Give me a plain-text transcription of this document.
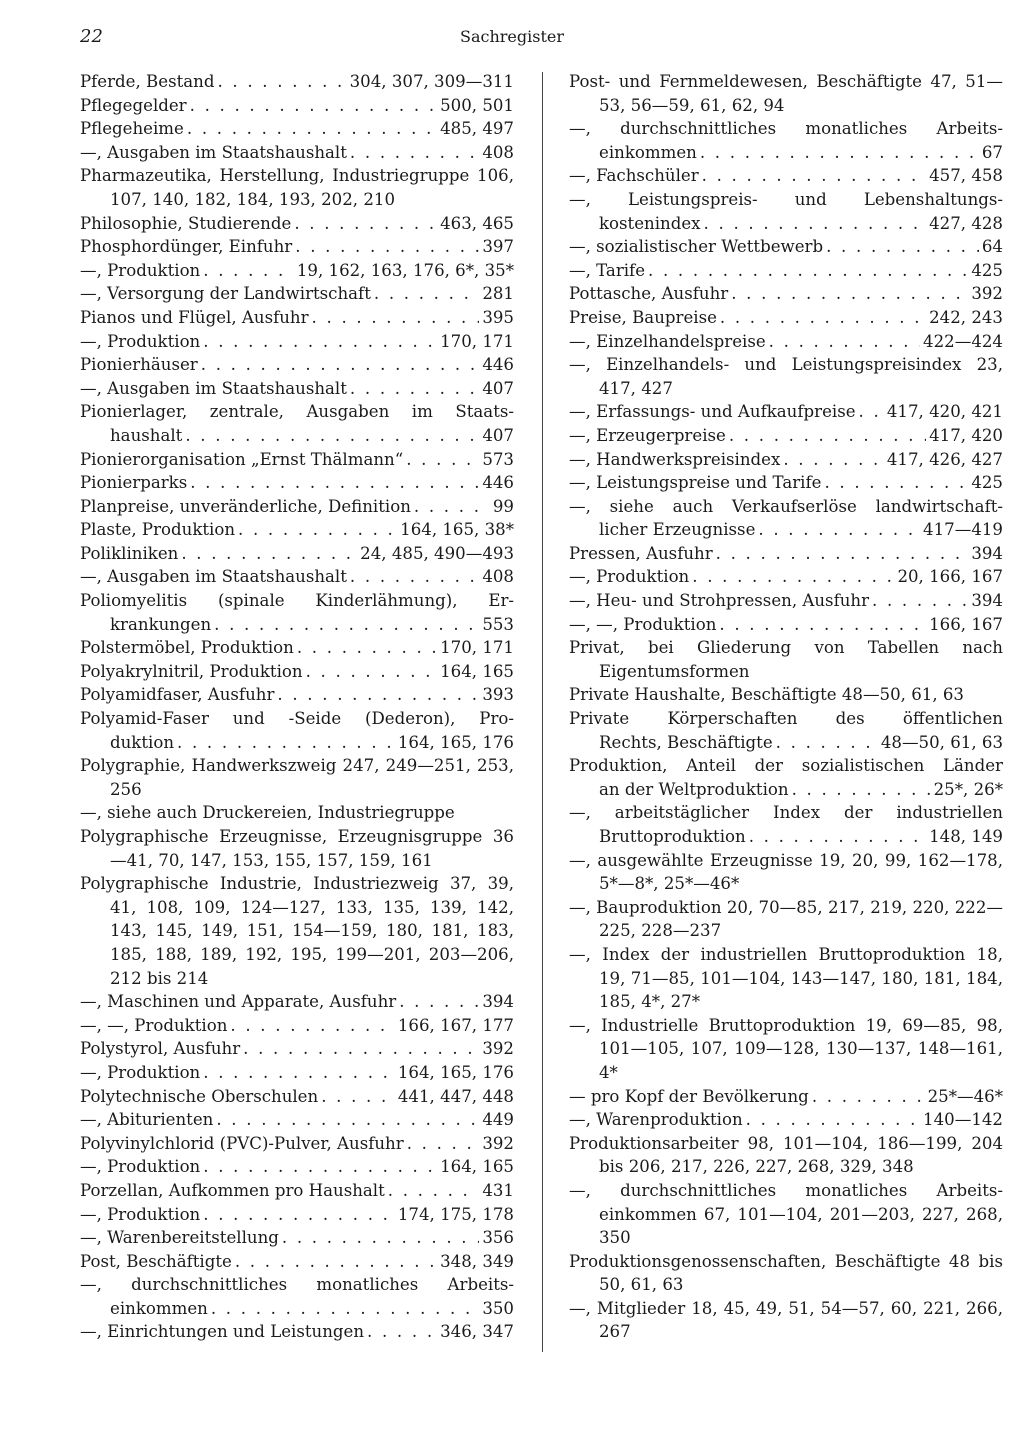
22	Sachregister
Pferde, Bestand . . .	304, 307, 309—311
Pflegegelder . . .	500, 501
Pflegeheime . . .	485, 497
—, Ausgaben im Staatshaushalt . . .	408
Pharmazeutika, Herstellung, Industriegruppe 106, 107, 140, 182, 184, 193, 202, 210
Philosophie, Studierende . . .	463, 465
Phosphordünger, Einfuhr . . .	397
—, Produktion . . .	19, 162, 163, 176, 6*, 35*
—, Versorgung der Landwirtschaft . . .	281
Pianos und Flügel, Ausfuhr . . .	395
—, Produktion . . .	170, 171
Pionierhäuser . . .	446
—, Ausgaben im Staatshaushalt . . .	407
Pionierlager, zentrale, Ausgaben im Staats-
haushalt . . .	407
Pionierorganisation „Ernst Thälmann“ . . .	573
Pionierparks . . .	446
Planpreise, unveränderliche, Definition . . .	99
Plaste, Produktion . . .	164, 165, 38*
Polikliniken . . .	24, 485, 490—493
—, Ausgaben im Staatshaushalt . . .	408
Poliomyelitis (spinale Kinderlähmung), Er-
krankungen . . .	553
Polstermöbel, Produktion . . .	170, 171
Polyakrylnitril, Produktion . . .	164, 165
Polyamidfaser, Ausfuhr . . .	393
Polyamid-Faser und -Seide (Dederon), Pro-
duktion . . .	164, 165, 176
Polygraphie, Handwerkszweig 247, 249—251, 253, 256
—, siehe auch Druckereien, Industriegruppe
Polygraphische Erzeugnisse, Erzeugnisgruppe 36—41, 70, 147, 153, 155, 157, 159, 161
Polygraphische Industrie, Industriezweig 37, 39, 41, 108, 109, 124—127, 133, 135, 139, 142, 143, 145, 149, 151, 154—159, 180, 181, 183, 185, 188, 189, 192, 195, 199—201, 203—206, 212 bis 214
—, Maschinen und Apparate, Ausfuhr . . .	394
—, —, Produktion . . .	166, 167, 177
Polystyrol, Ausfuhr . . .	392
—, Produktion . . .	164, 165, 176
Polytechnische Oberschulen . . .	441, 447, 448
—, Abiturienten . . .	449
Polyvinylchlorid (PVC)-Pulver, Ausfuhr . . .	392
—, Produktion . . .	164, 165
Porzellan, Aufkommen pro Haushalt . . .	431
—, Produktion . . .	174, 175, 178
—, Warenbereitstellung . . .	356
Post, Beschäftigte . . .	348, 349
—, durchschnittliches monatliches Arbeits-
einkommen . . .	350
—, Einrichtungen und Leistungen . . .	346, 347
Post- und Fernmeldewesen, Beschäftigte 47, 51—53, 56—59, 61, 62, 94
—, durchschnittliches monatliches Arbeits-
einkommen . . .	67
—, Fachschüler . . .	457, 458
—, Leistungspreis- und Lebenshaltungs-
kostenindex . . .	427, 428
—, sozialistischer Wettbewerb . . .	64
—, Tarife . . .	425
Pottasche, Ausfuhr . . .	392
Preise, Baupreise . . .	242, 243
—, Einzelhandelspreise . . .	422—424
—, Einzelhandels- und Leistungspreisindex 23, 417, 427
—, Erfassungs- und Aufkaufpreise . . . 417, 420, 421
—, Erzeugerpreise . . .	417, 420
—, Handwerkspreisindex . . .	417, 426, 427
—, Leistungspreise und Tarife . . .	425
—, siehe auch Verkaufserlöse landwirtschaft-
licher Erzeugnisse . . .	417—419
Pressen, Ausfuhr . . .	394
—, Produktion . . .	20, 166, 167
—, Heu- und Strohpressen, Ausfuhr . . .	394
—, —, Produktion . . .	166, 167
Privat, bei Gliederung von Tabellen nach Eigentumsformen
Private Haushalte, Beschäftigte 48—50, 61, 63
Private Körperschaften des öffentlichen
Rechts, Beschäftigte . . .	48—50, 61, 63
Produktion, Anteil der sozialistischen Länder
an der Weltproduktion . . .	25*, 26*
—, arbeitstäglicher Index der industriellen
Bruttoproduktion . . .	148, 149
—, ausgewählte Erzeugnisse 19, 20, 99, 162—178, 5*—8*, 25*—46*
—, Bauproduktion 20, 70—85, 217, 219, 220, 222—225, 228—237
—, Index der industriellen Bruttoproduktion 18, 19, 71—85, 101—104, 143—147, 180, 181, 184, 185, 4*, 27*
—, Industrielle Bruttoproduktion 19, 69—85, 98, 101—105, 107, 109—128, 130—137, 148—161, 4*
— pro Kopf der Bevölkerung . . .	25*—46*
—, Warenproduktion . . .	140—142
Produktionsarbeiter 98, 101—104, 186—199, 204 bis 206, 217, 226, 227, 268, 329, 348
—, durchschnittliches monatliches Arbeits-einkommen 67, 101—104, 201—203, 227, 268, 350
Produktionsgenossenschaften, Beschäftigte 48 bis 50, 61, 63
—, Mitglieder 18, 45, 49, 51, 54—57, 60, 221, 266, 267
